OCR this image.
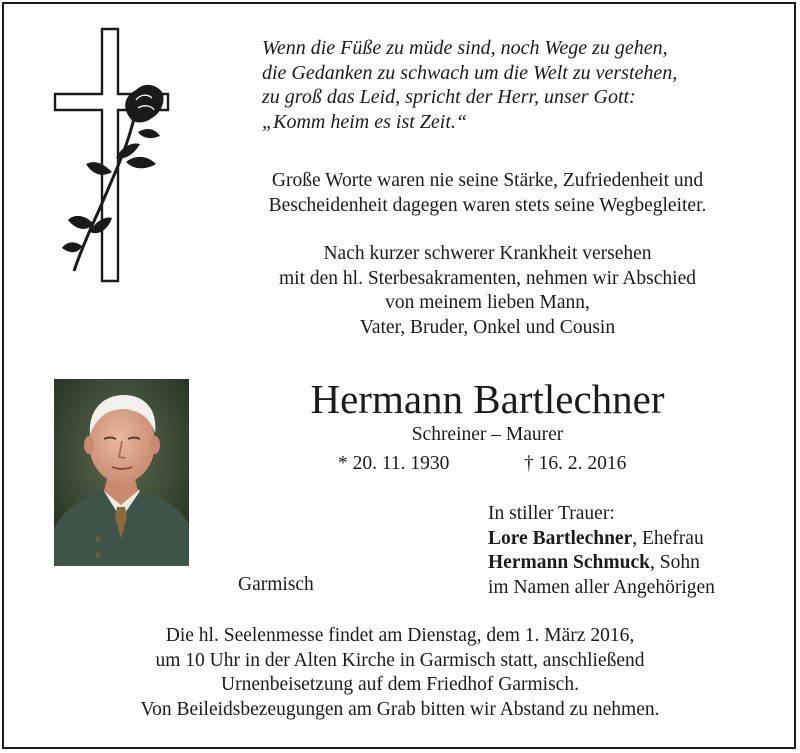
Wenn die Füße zu müde sind, noch Wege zu gehen,
die Gedanken zu schwach um die Welt zu verstehen,
zu groß das Leid, spricht der Herr, unser Gott:
„Komm heim es ist Zeit.“
Große Worte waren nie seine Stärke, Zufriedenheit und
Bescheidenheit dagegen waren stets seine Wegbegleiter.
Nach kurzer schwerer Krankheit versehen
mit den hl. Sterbesakramenten, nehmen wir Abschied
von meinem lieben Mann,
Vater, Bruder, Onkel und Cousin
Hermann Bartlechner
Schreiner – Maurer
* 20. 11. 1930	† 16. 2. 2016
In stiller Trauer:
Lore Bartlechner, Ehefrau
Hermann Schmuck, Sohn
im Namen aller Angehörigen
Garmisch
Die hl. Seelenmesse findet am Dienstag, dem 1. März 2016,
um 10 Uhr in der Alten Kirche in Garmisch statt, anschließend
Urnenbeisetzung auf dem Friedhof Garmisch.
Von Beileidsbezeugungen am Grab bitten wir Abstand zu nehmen.
